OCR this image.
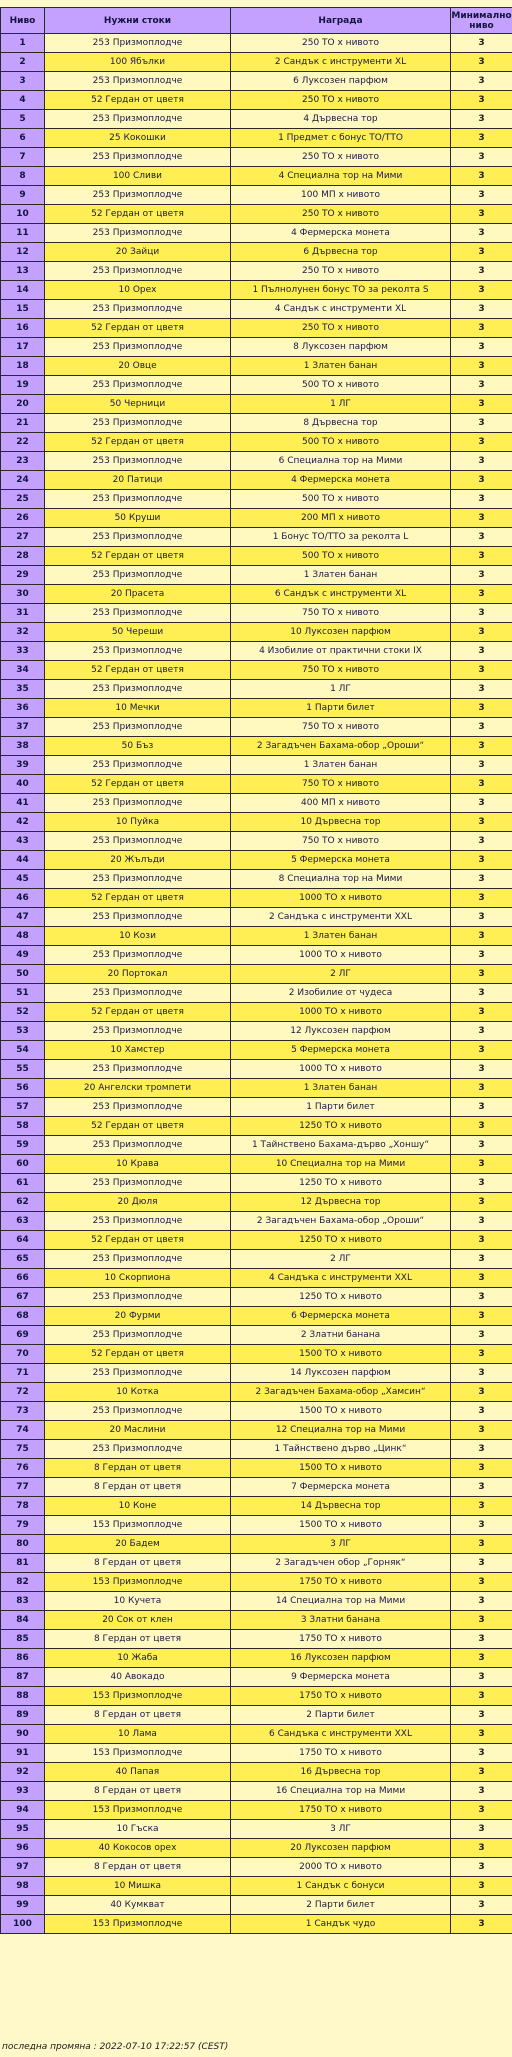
Ниво	Нужни стоки	Награда	Минимално
ниво
1	253 Призмоплодче	250 ТО х нивото	3
2	100 Ябълки	2 Сандък с инструменти XL	3
3	253 Призмоплодче	6 Луксозен парфюм	3
4	52 Гердан от цветя	250 ТО х нивото	3
5	253 Призмоплодче	4 Дървесна тор	3
6	25 Кокошки	1 Предмет с бонус ТО/ТТО	3
7	253 Призмоплодче	250 ТО х нивото	3
8	100 Сливи	4 Специална тор на Мими	3
9	253 Призмоплодче	100 МП х нивото	3
10	52 Гердан от цветя	250 ТО х нивото	3
11	253 Призмоплодче	4 Фермерска монета	3
12	20 Зайци	6 Дървесна тор	3
13	253 Призмоплодче	250 ТО х нивото	3
14	10 Орех	1 Пълнолунен бонус ТО за реколта S	3
15	253 Призмоплодче	4 Сандък с инструменти XL	3
16	52 Гердан от цветя	250 ТО х нивото	3
17	253 Призмоплодче	8 Луксозен парфюм	3
18	20 Овце	1 Златен банан	3
19	253 Призмоплодче	500 ТО х нивото	3
20	50 Черници	1 ЛГ	3
21	253 Призмоплодче	8 Дървесна тор	3
22	52 Гердан от цветя	500 ТО х нивото	3
23	253 Призмоплодче	6 Специална тор на Мими	3
24	20 Патици	4 Фермерска монета	3
25	253 Призмоплодче	500 ТО х нивото	3
26	50 Круши	200 МП х нивото	3
27	253 Призмоплодче	1 Бонус ТО/ТТО за реколта L	3
28	52 Гердан от цветя	500 ТО х нивото	3
29	253 Призмоплодче	1 Златен банан	3
30	20 Прасета	6 Сандък с инструменти XL	3
31	253 Призмоплодче	750 ТО х нивото	3
32	50 Череши	10 Луксозен парфюм	3
33	253 Призмоплодче	4 Изобилие от практични стоки IX	3
34	52 Гердан от цветя	750 ТО х нивото	3
35	253 Призмоплодче	1 ЛГ	3
36	10 Мечки	1 Парти билет	3
37	253 Призмоплодче	750 ТО х нивото	3
38	50 Бъз	2 Загадъчен Бахама-обор „Ороши“	3
39	253 Призмоплодче	1 Златен банан	3
40	52 Гердан от цветя	750 ТО х нивото	3
41	253 Призмоплодче	400 МП х нивото	3
42	10 Пуйка	10 Дървесна тор	3
43	253 Призмоплодче	750 ТО х нивото	3
44	20 Жълъди	5 Фермерска монета	3
45	253 Призмоплодче	8 Специална тор на Мими	3
46	52 Гердан от цветя	1000 ТО х нивото	3
47	253 Призмоплодче	2 Сандъка с инструменти XXL	3
48	10 Кози	1 Златен банан	3
49	253 Призмоплодче	1000 ТО х нивото	3
50	20 Портокал	2 ЛГ	3
51	253 Призмоплодче	2 Изобилие от чудеса	3
52	52 Гердан от цветя	1000 ТО х нивото	3
53	253 Призмоплодче	12 Луксозен парфюм	3
54	10 Хамстер	5 Фермерска монета	3
55	253 Призмоплодче	1000 ТО х нивото	3
56	20 Ангелски тромпети	1 Златен банан	3
57	253 Призмоплодче	1 Парти билет	3
58	52 Гердан от цветя	1250 ТО х нивото	3
59	253 Призмоплодче	1 Тайнствено Бахама-дърво „Хоншу“	3
60	10 Крава	10 Специална тор на Мими	3
61	253 Призмоплодче	1250 ТО х нивото	3
62	20 Дюля	12 Дървесна тор	3
63	253 Призмоплодче	2 Загадъчен Бахама-обор „Ороши“	3
64	52 Гердан от цветя	1250 ТО х нивото	3
65	253 Призмоплодче	2 ЛГ	3
66	10 Скорпиона	4 Сандъка с инструменти XXL	3
67	253 Призмоплодче	1250 ТО х нивото	3
68	20 Фурми	6 Фермерска монета	3
69	253 Призмоплодче	2 Златни банана	3
70	52 Гердан от цветя	1500 ТО х нивото	3
71	253 Призмоплодче	14 Луксозен парфюм	3
72	10 Котка	2 Загадъчен Бахама-обор „Хамсин“	3
73	253 Призмоплодче	1500 ТО х нивото	3
74	20 Маслини	12 Специална тор на Мими	3
75	253 Призмоплодче	1 Тайнствено дърво „Цинк“	3
76	8 Гердан от цветя	1500 ТО х нивото	3
77	8 Гердан от цветя	7 Фермерска монета	3
78	10 Коне	14 Дървесна тор	3
79	153 Призмоплодче	1500 ТО х нивото	3
80	20 Бадем	3 ЛГ	3
81	8 Гердан от цветя	2 Загадъчен обор „Горняк“	3
82	153 Призмоплодче	1750 ТО х нивото	3
83	10 Кучета	14 Специална тор на Мими	3
84	20 Сок от клен	3 Златни банана	3
85	8 Гердан от цветя	1750 ТО х нивото	3
86	10 Жаба	16 Луксозен парфюм	3
87	40 Авокадо	9 Фермерска монета	3
88	153 Призмоплодче	1750 ТО х нивото	3
89	8 Гердан от цветя	2 Парти билет	3
90	10 Лама	6 Сандъка с инструменти XXL	3
91	153 Призмоплодче	1750 ТО х нивото	3
92	40 Папая	16 Дървесна тор	3
93	8 Гердан от цветя	16 Специална тор на Мими	3
94	153 Призмоплодче	1750 ТО х нивото	3
95	10 Гъска	3 ЛГ	3
96	40 Кокосов орех	20 Луксозен парфюм	3
97	8 Гердан от цветя	2000 ТО х нивото	3
98	10 Мишка	1 Сандък с бонуси	3
99	40 Кумкват	2 Парти билет	3
100	153 Призмоплодче	1 Сандък чудо	3
последна промяна : 2022-07-10 17:22:57 (CEST)
